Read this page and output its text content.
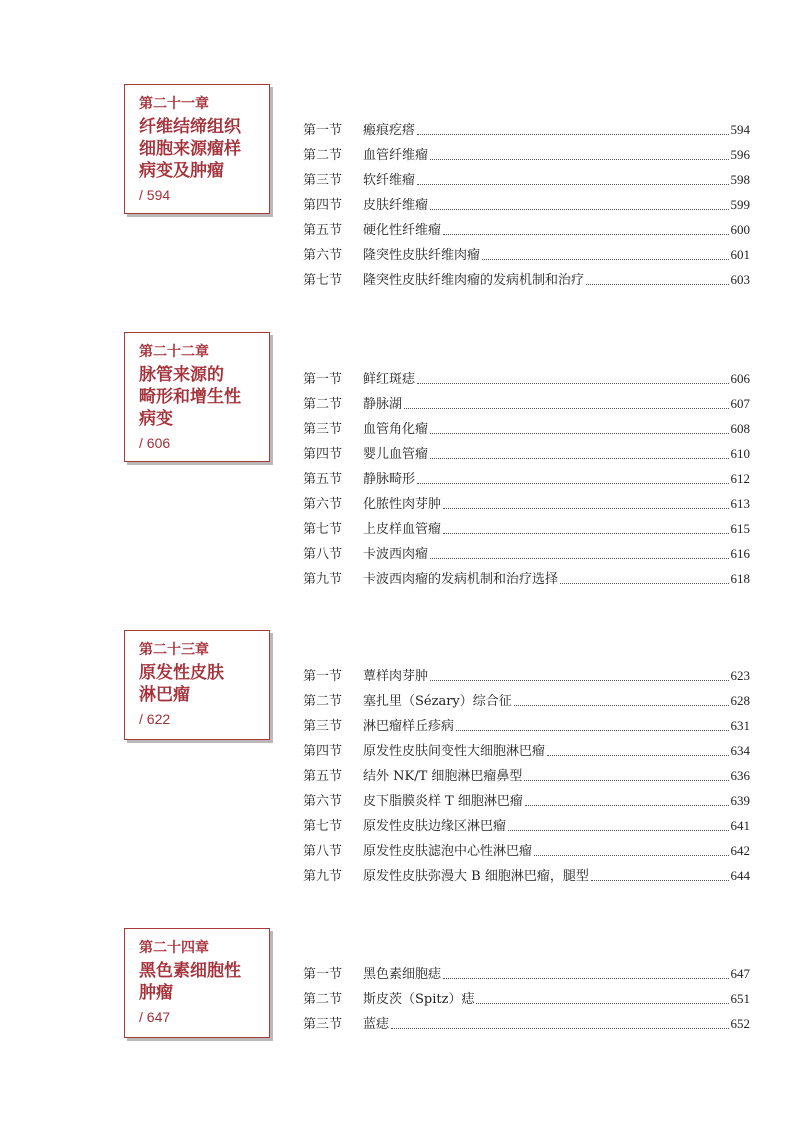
第二十一章
纤维结缔组织
细胞来源瘤样
病变及肿瘤
/ 594
第一节	瘢痕疙瘩	594
第二节	血管纤维瘤	596
第三节	软纤维瘤	598
第四节	皮肤纤维瘤	599
第五节	硬化性纤维瘤	600
第六节	隆突性皮肤纤维肉瘤	601
第七节	隆突性皮肤纤维肉瘤的发病机制和治疗	603
第二十二章
脉管来源的
畸形和增生性
病变
/ 606
第一节	鲜红斑痣	606
第二节	静脉湖	607
第三节	血管角化瘤	608
第四节	婴儿血管瘤	610
第五节	静脉畸形	612
第六节	化脓性肉芽肿	613
第七节	上皮样血管瘤	615
第八节	卡波西肉瘤	616
第九节	卡波西肉瘤的发病机制和治疗选择	618
第二十三章
原发性皮肤
淋巴瘤
/ 622
第一节	蕈样肉芽肿	623
第二节	塞扎里（Sézary）综合征	628
第三节	淋巴瘤样丘疹病	631
第四节	原发性皮肤间变性大细胞淋巴瘤	634
第五节	结外 NK/T 细胞淋巴瘤鼻型	636
第六节	皮下脂膜炎样 T 细胞淋巴瘤	639
第七节	原发性皮肤边缘区淋巴瘤	641
第八节	原发性皮肤滤泡中心性淋巴瘤	642
第九节	原发性皮肤弥漫大 B 细胞淋巴瘤，腿型	644
第二十四章
黑色素细胞性
肿瘤
/ 647
第一节	黑色素细胞痣	647
第二节	斯皮茨（Spitz）痣	651
第三节	蓝痣	652
